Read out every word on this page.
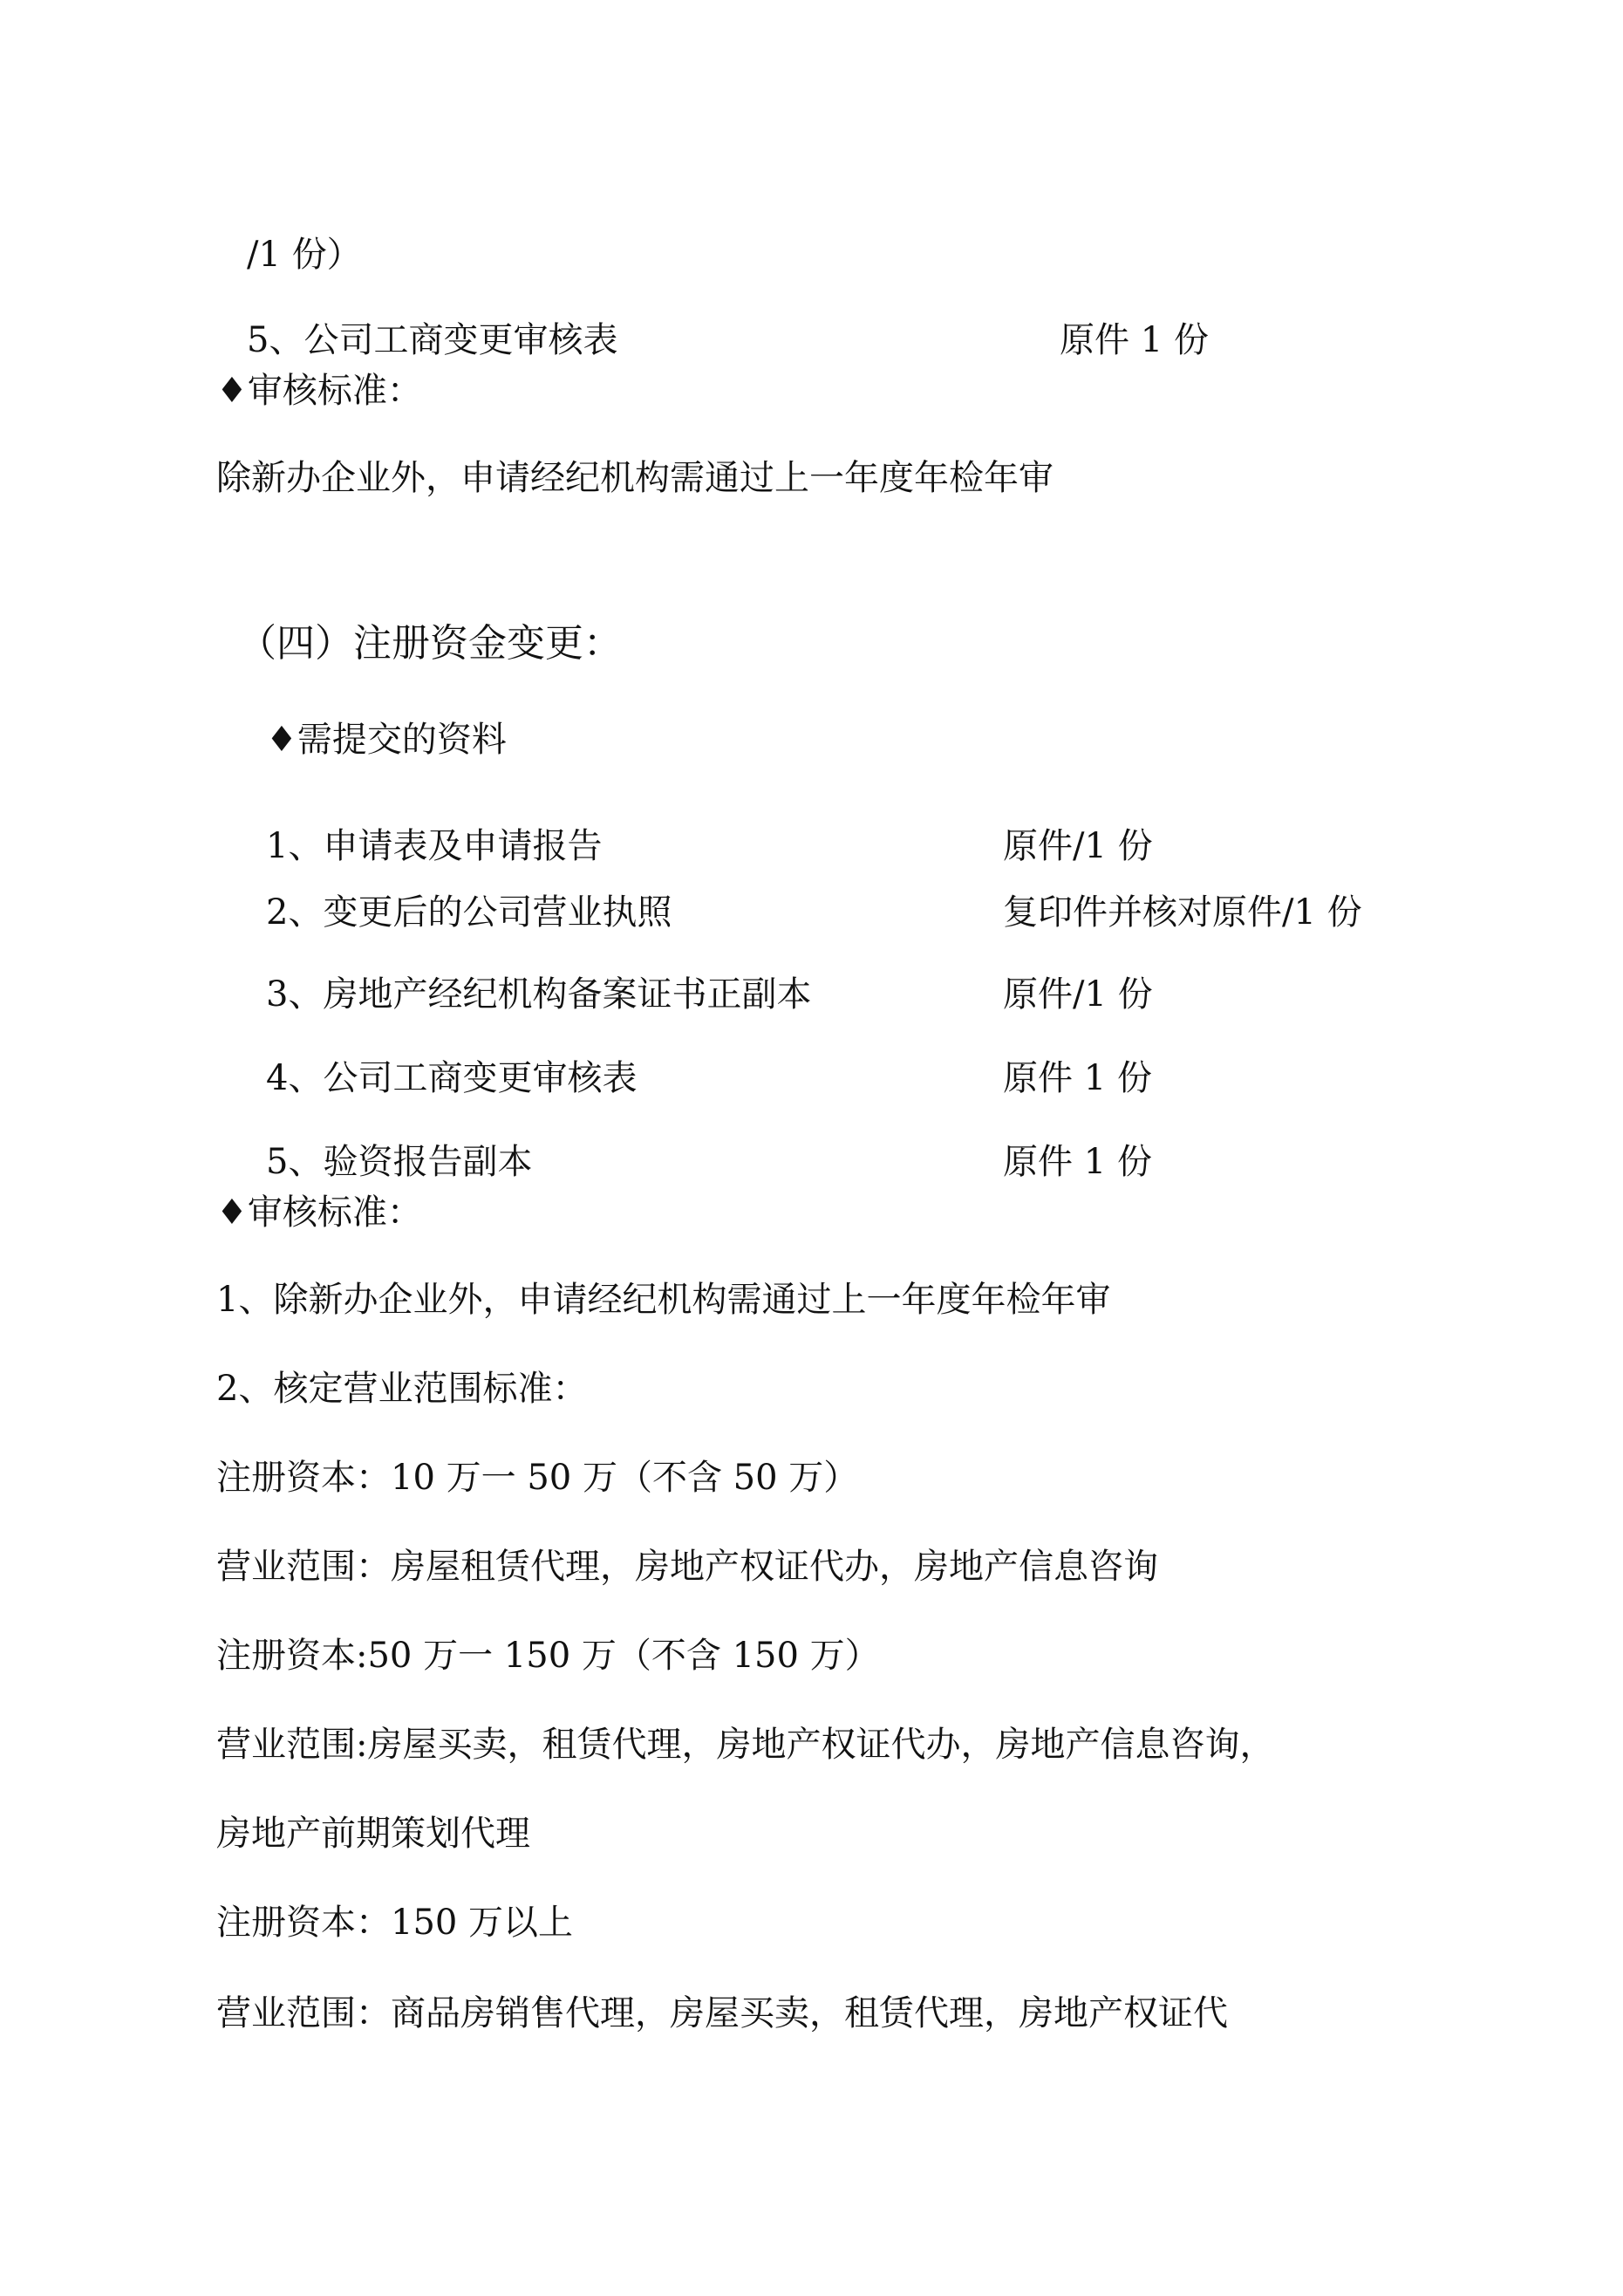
/1 份）
5、公司工商变更审核表	原件 1 份
♦审核标准：
除新办企业外，申请经纪机构需通过上一年度年检年审
（四）注册资金变更：
♦需提交的资料
1、申请表及申请报告	原件/1 份
2、变更后的公司营业执照	复印件并核对原件/1 份
3、房地产经纪机构备案证书正副本	原件/1 份
4、公司工商变更审核表	原件 1 份
5、验资报告副本	原件 1 份
♦审核标准：
1、除新办企业外，申请经纪机构需通过上一年度年检年审
2、核定营业范围标准：
注册资本：10 万一 50 万（不含 50 万）
营业范围：房屋租赁代理，房地产权证代办，房地产信息咨询
注册资本:50 万一 150 万（不含 150 万）
营业范围:房屋买卖，租赁代理，房地产权证代办，房地产信息咨询，
房地产前期策划代理
注册资本：150 万以上
营业范围：商品房销售代理，房屋买卖，租赁代理，房地产权证代
